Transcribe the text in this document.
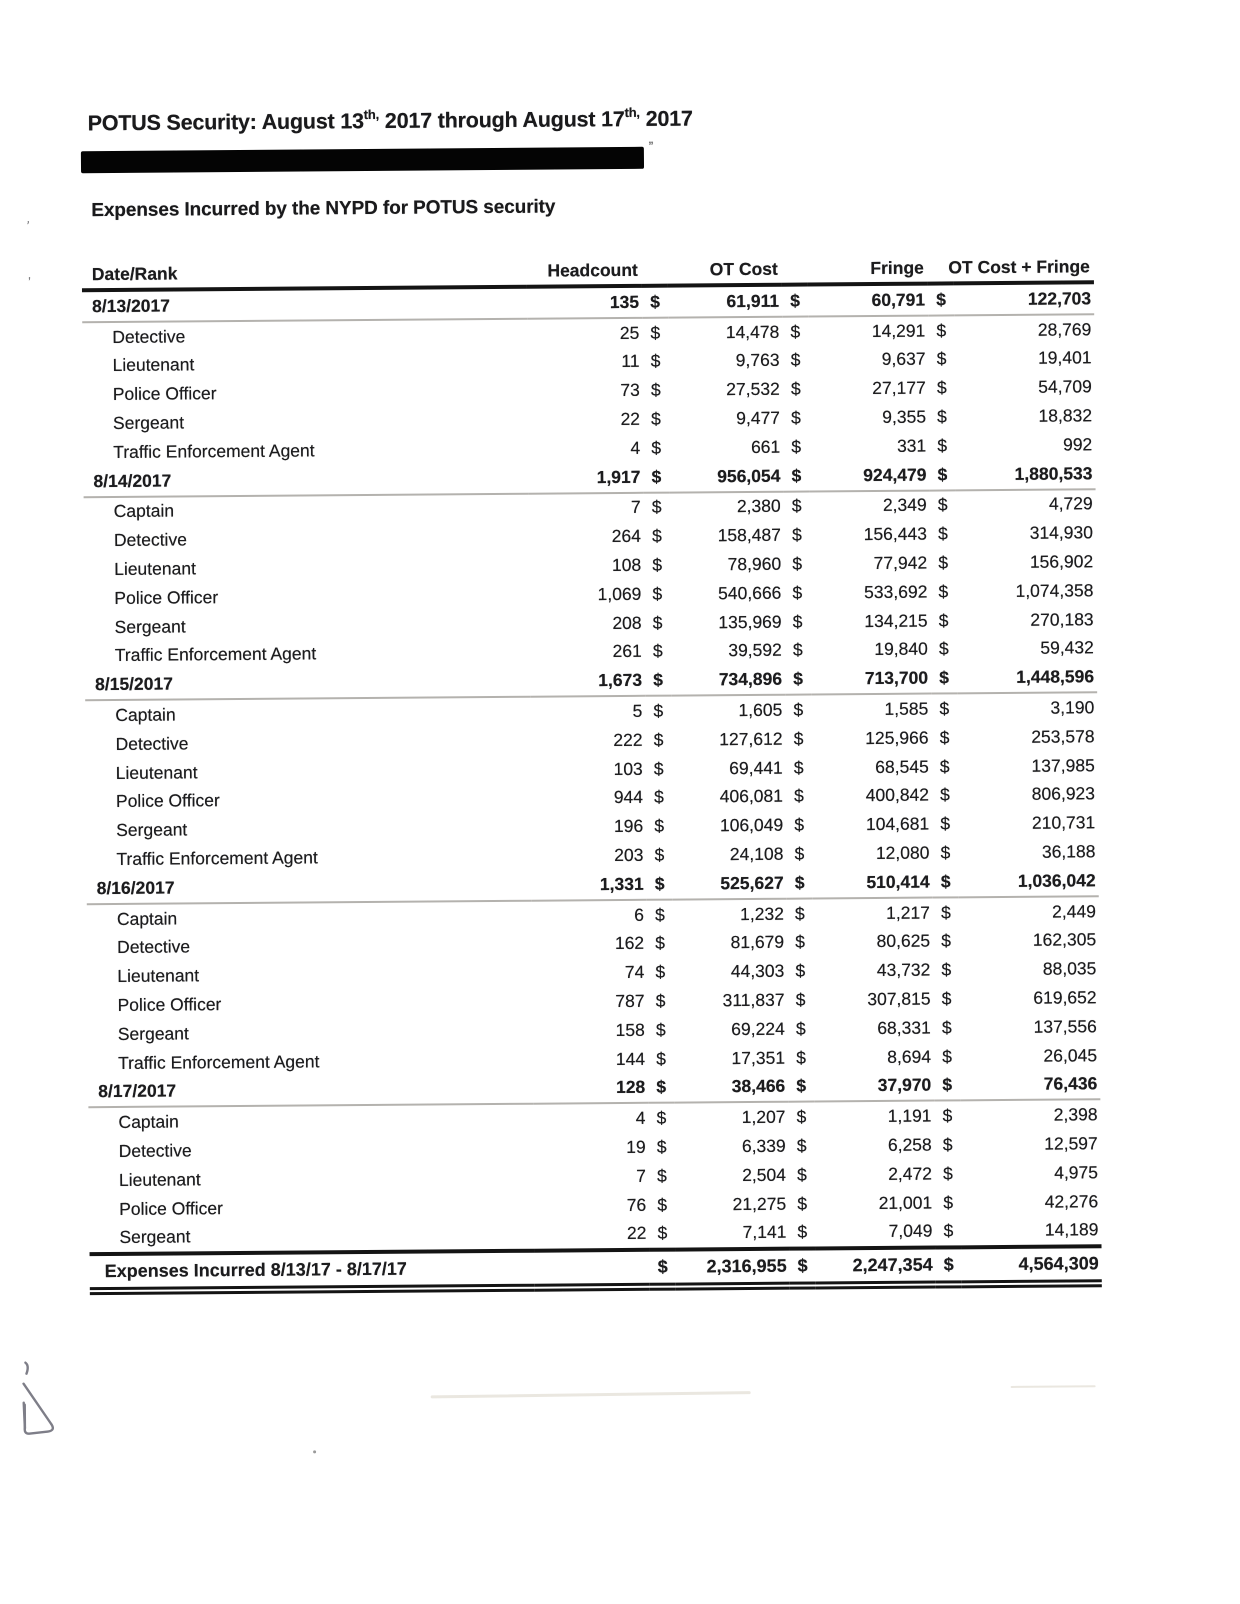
POTUS Security: August $13^{th,}$ 2017 through August $17^{th,}$ 2017
”
Expenses Incurred by the NYPD for POTUS security
,
,	Date/Rank	Headcount	OT Cost		Fringe		OT Cost + Fringe	
8/13/2017	135	$	61,911	$	60,791	$	122,703
Detective	25	$	14,478	$	14,291	$	28,769
Lieutenant	11	$	9,763	$	9,637	$	19,401
Police Officer	73	$	27,532	$	27,177	$	54,709
Sergeant	22	$	9,477	$	9,355	$	18,832
Traffic Enforcement Agent	4	$	661	$	331	$	992
8/14/2017	1,917	$	956,054	$	924,479	$	1,880,533
Captain	7	$	2,380	$	2,349	$	4,729
Detective	264	$	158,487	$	156,443	$	314,930
Lieutenant	108	$	78,960	$	77,942	$	156,902
Police Officer	1,069	$	540,666	$	533,692	$	1,074,358
Sergeant	208	$	135,969	$	134,215	$	270,183
Traffic Enforcement Agent	261	$	39,592	$	19,840	$	59,432
8/15/2017	1,673	$	734,896	$	713,700	$	1,448,596
Captain	5	$	1,605	$	1,585	$	3,190
Detective	222	$	127,612	$	125,966	$	253,578
Lieutenant	103	$	69,441	$	68,545	$	137,985
Police Officer	944	$	406,081	$	400,842	$	806,923
Sergeant	196	$	106,049	$	104,681	$	210,731
Traffic Enforcement Agent	203	$	24,108	$	12,080	$	36,188
8/16/2017	1,331	$	525,627	$	510,414	$	1,036,042
Captain	6	$	1,232	$	1,217	$	2,449
Detective	162	$	81,679	$	80,625	$	162,305
Lieutenant	74	$	44,303	$	43,732	$	88,035
Police Officer	787	$	311,837	$	307,815	$	619,652
Sergeant	158	$	69,224	$	68,331	$	137,556
Traffic Enforcement Agent	144	$	17,351	$	8,694	$	26,045
8/17/2017	128	$	38,466	$	37,970	$	76,436
Captain	4	$	1,207	$	1,191	$	2,398
Detective	19	$	6,339	$	6,258	$	12,597
Lieutenant	7	$	2,504	$	2,472	$	4,975
Police Officer	76	$	21,275	$	21,001	$	42,276
Sergeant	22	$	7,141	$	7,049	$	14,189
Expenses Incurred 8/13/17 - 8/17/17		$	2,316,955	$	2,247,354	$	4,564,309
